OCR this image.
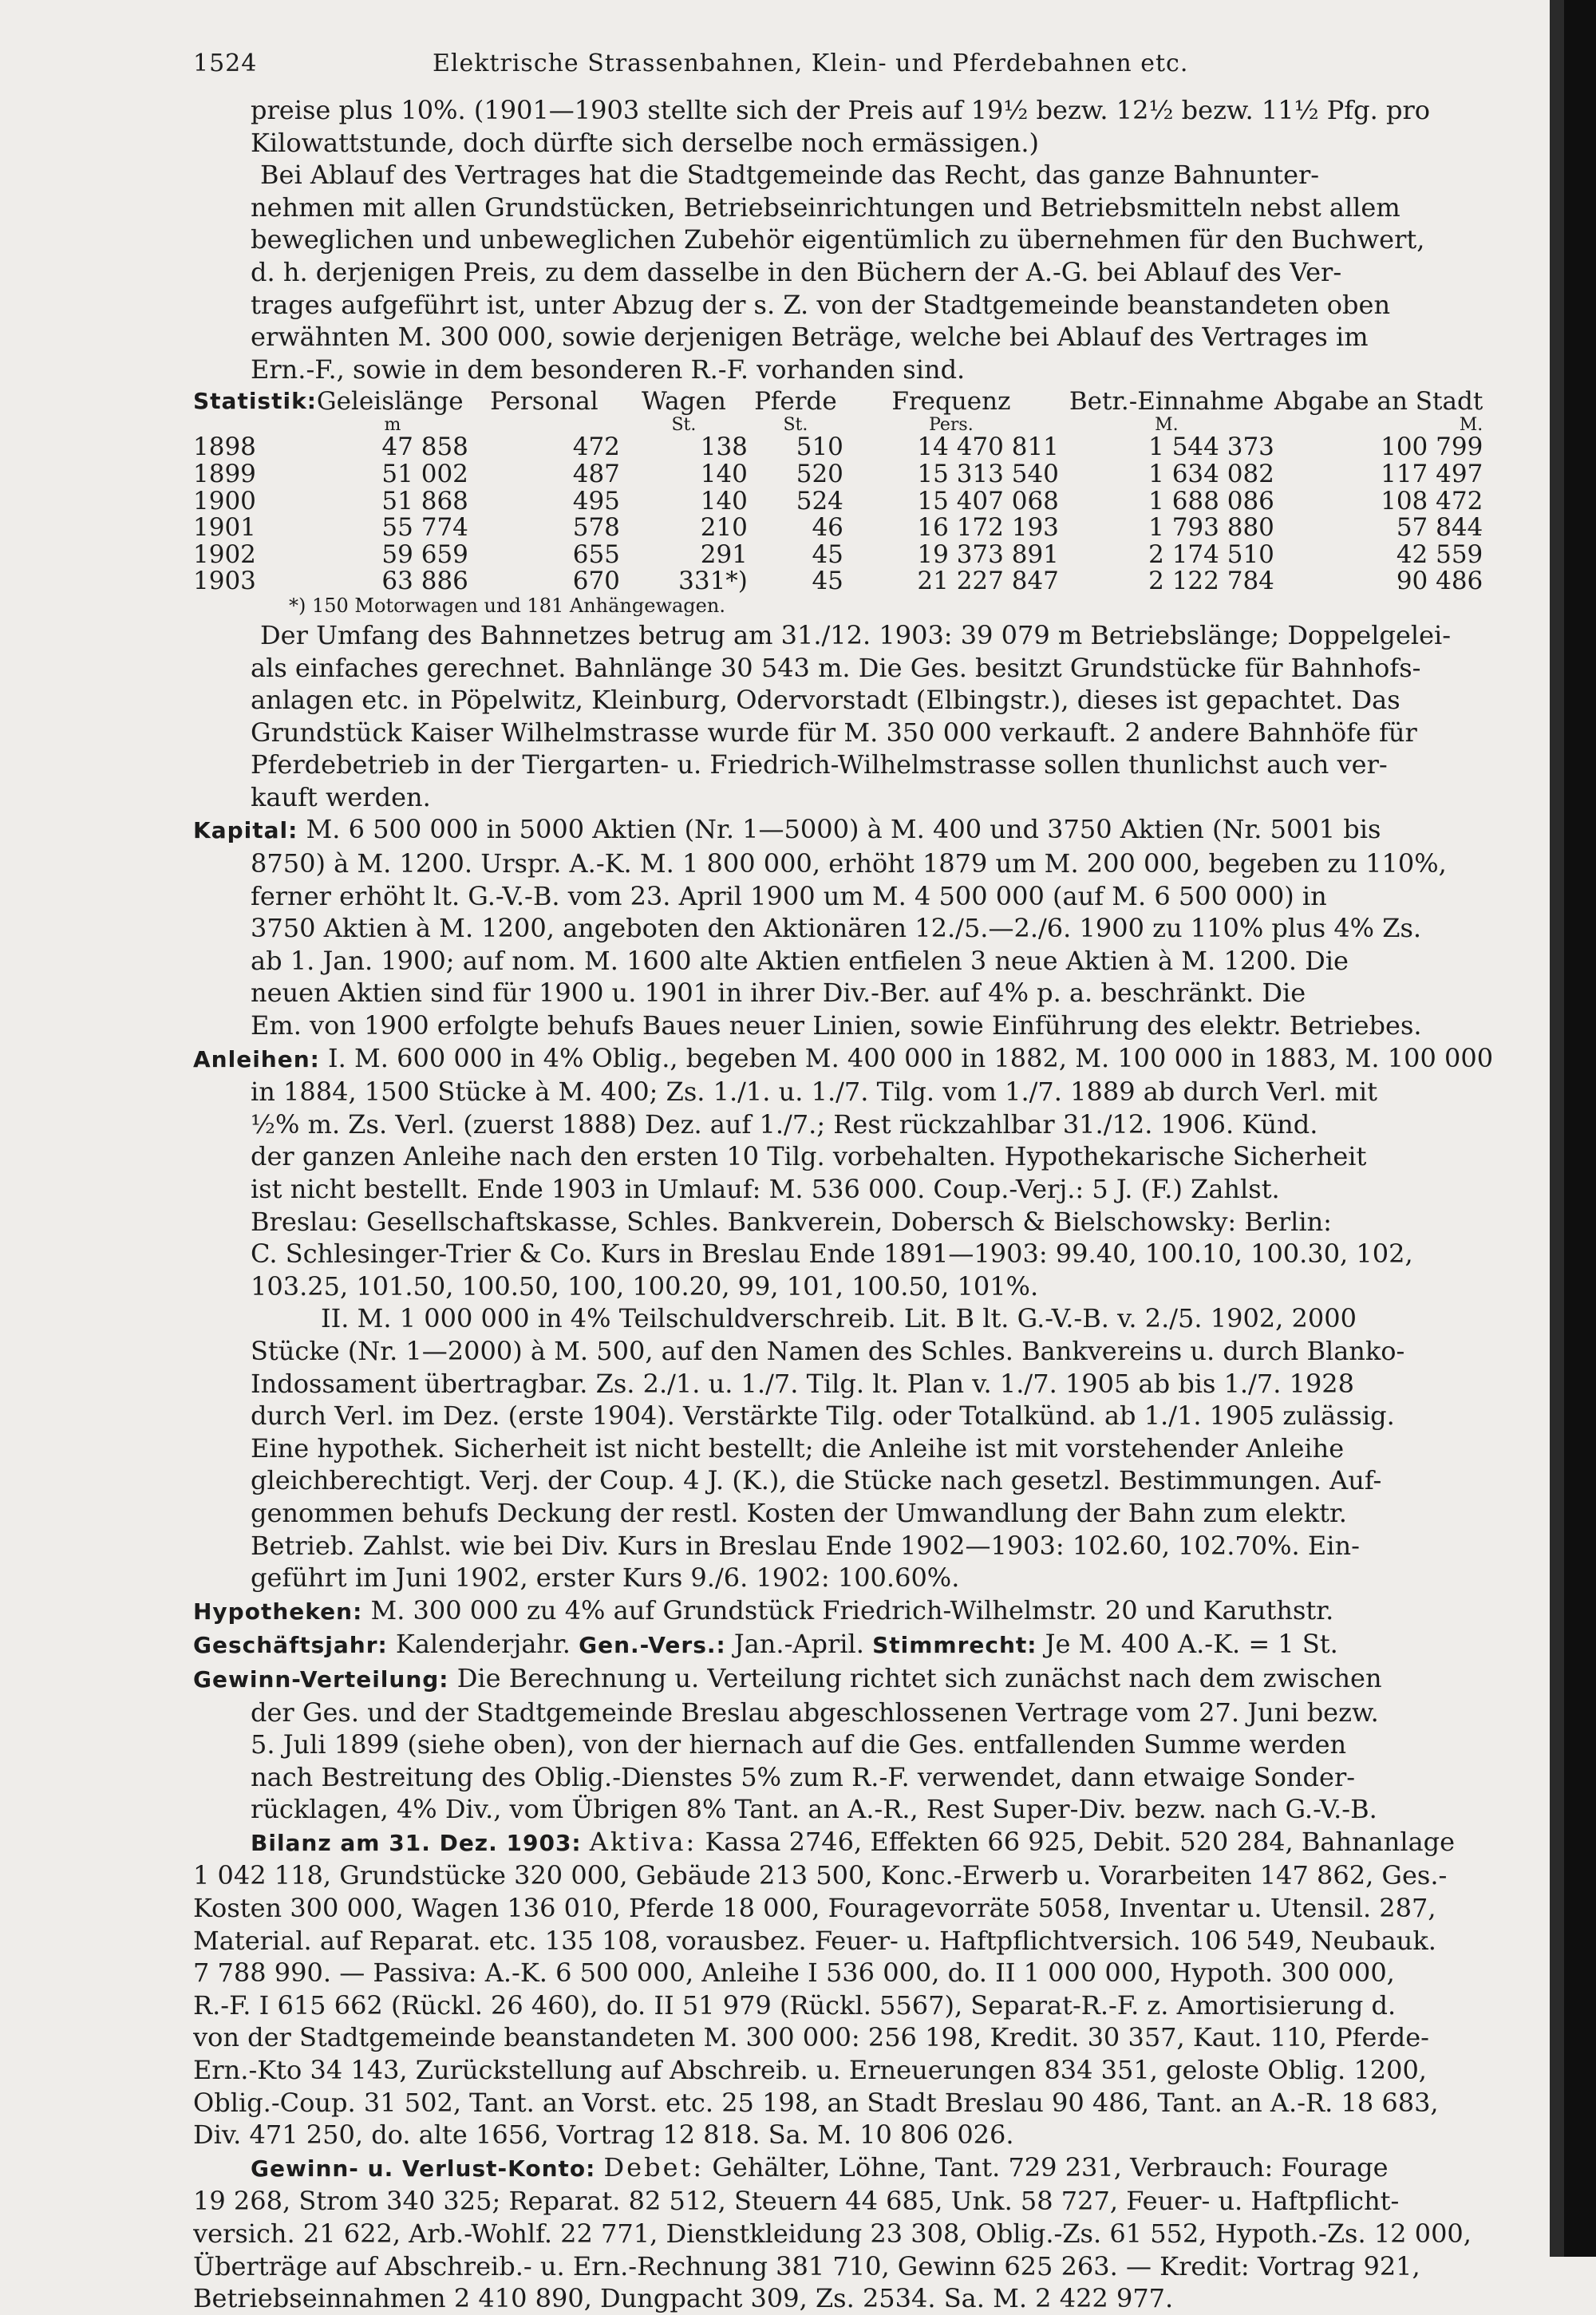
1524	Elektrische Strassenbahnen, Klein- und Pferdebahnen etc.
preise plus 10%. (1901—1903 stellte sich der Preis auf 19½ bezw. 12½ bezw. 11½ Pfg. pro
Kilowattstunde, doch dürfte sich derselbe noch ermässigen.)
Bei Ablauf des Vertrages hat die Stadtgemeinde das Recht, das ganze Bahnunter-
nehmen mit allen Grundstücken, Betriebseinrichtungen und Betriebsmitteln nebst allem
beweglichen und unbeweglichen Zubehör eigentümlich zu übernehmen für den Buchwert,
d. h. derjenigen Preis, zu dem dasselbe in den Büchern der A.-G. bei Ablauf des Ver-
trages aufgeführt ist, unter Abzug der s. Z. von der Stadtgemeinde beanstandeten oben
erwähnten M. 300 000, sowie derjenigen Beträge, welche bei Ablauf des Vertrages im
Ern.-F., sowie in dem besonderen R.-F. vorhanden sind.
Statistik:	Geleislänge	Personal	Wagen	Pferde	Frequenz	Betr.-Einnahme	Abgabe an Stadt
	m		St.	St.	Pers.	M.	M.
1898	47 858	472	138	510	14 470 811	1 544 373	100 799
1899	51 002	487	140	520	15 313 540	1 634 082	117 497
1900	51 868	495	140	524	15 407 068	1 688 086	108 472
1901	55 774	578	210	46	16 172 193	1 793 880	57 844
1902	59 659	655	291	45	19 373 891	2 174 510	42 559
1903	63 886	670	331*)	45	21 227 847	2 122 784	90 486
*) 150 Motorwagen und 181 Anhängewagen.
Der Umfang des Bahnnetzes betrug am 31./12. 1903: 39 079 m Betriebslänge; Doppelgelei-
als einfaches gerechnet. Bahnlänge 30 543 m. Die Ges. besitzt Grundstücke für Bahnhofs-
anlagen etc. in Pöpelwitz, Kleinburg, Odervorstadt (Elbingstr.), dieses ist gepachtet. Das
Grundstück Kaiser Wilhelmstrasse wurde für M. 350 000 verkauft. 2 andere Bahnhöfe für
Pferdebetrieb in der Tiergarten- u. Friedrich-Wilhelmstrasse sollen thunlichst auch ver-
kauft werden.
Kapital: M. 6 500 000 in 5000 Aktien (Nr. 1—5000) à M. 400 und 3750 Aktien (Nr. 5001 bis
8750) à M. 1200. Urspr. A.-K. M. 1 800 000, erhöht 1879 um M. 200 000, begeben zu 110%,
ferner erhöht lt. G.-V.-B. vom 23. April 1900 um M. 4 500 000 (auf M. 6 500 000) in
3750 Aktien à M. 1200, angeboten den Aktionären 12./5.—2./6. 1900 zu 110% plus 4% Zs.
ab 1. Jan. 1900; auf nom. M. 1600 alte Aktien entfielen 3 neue Aktien à M. 1200. Die
neuen Aktien sind für 1900 u. 1901 in ihrer Div.-Ber. auf 4% p. a. beschränkt. Die
Em. von 1900 erfolgte behufs Baues neuer Linien, sowie Einführung des elektr. Betriebes.
Anleihen: I. M. 600 000 in 4% Oblig., begeben M. 400 000 in 1882, M. 100 000 in 1883, M. 100 000
in 1884, 1500 Stücke à M. 400; Zs. 1./1. u. 1./7. Tilg. vom 1./7. 1889 ab durch Verl. mit
½% m. Zs. Verl. (zuerst 1888) Dez. auf 1./7.; Rest rückzahlbar 31./12. 1906. Künd.
der ganzen Anleihe nach den ersten 10 Tilg. vorbehalten. Hypothekarische Sicherheit
ist nicht bestellt. Ende 1903 in Umlauf: M. 536 000. Coup.-Verj.: 5 J. (F.) Zahlst.
Breslau: Gesellschaftskasse, Schles. Bankverein, Dobersch & Bielschowsky: Berlin:
C. Schlesinger-Trier & Co. Kurs in Breslau Ende 1891—1903: 99.40, 100.10, 100.30, 102,
103.25, 101.50, 100.50, 100, 100.20, 99, 101, 100.50, 101%.
II. M. 1 000 000 in 4% Teilschuldverschreib. Lit. B lt. G.-V.-B. v. 2./5. 1902, 2000
Stücke (Nr. 1—2000) à M. 500, auf den Namen des Schles. Bankvereins u. durch Blanko-
Indossament übertragbar. Zs. 2./1. u. 1./7. Tilg. lt. Plan v. 1./7. 1905 ab bis 1./7. 1928
durch Verl. im Dez. (erste 1904). Verstärkte Tilg. oder Totalkünd. ab 1./1. 1905 zulässig.
Eine hypothek. Sicherheit ist nicht bestellt; die Anleihe ist mit vorstehender Anleihe
gleichberechtigt. Verj. der Coup. 4 J. (K.), die Stücke nach gesetzl. Bestimmungen. Auf-
genommen behufs Deckung der restl. Kosten der Umwandlung der Bahn zum elektr.
Betrieb. Zahlst. wie bei Div. Kurs in Breslau Ende 1902—1903: 102.60, 102.70%. Ein-
geführt im Juni 1902, erster Kurs 9./6. 1902: 100.60%.
Hypotheken: M. 300 000 zu 4% auf Grundstück Friedrich-Wilhelmstr. 20 und Karuthstr.
Geschäftsjahr: Kalenderjahr. Gen.-Vers.: Jan.-April. Stimmrecht: Je M. 400 A.-K. = 1 St.
Gewinn-Verteilung: Die Berechnung u. Verteilung richtet sich zunächst nach dem zwischen
der Ges. und der Stadtgemeinde Breslau abgeschlossenen Vertrage vom 27. Juni bezw.
5. Juli 1899 (siehe oben), von der hiernach auf die Ges. entfallenden Summe werden
nach Bestreitung des Oblig.-Dienstes 5% zum R.-F. verwendet, dann etwaige Sonder-
rücklagen, 4% Div., vom Übrigen 8% Tant. an A.-R., Rest Super-Div. bezw. nach G.-V.-B.
Bilanz am 31. Dez. 1903: Aktiva: Kassa 2746, Effekten 66 925, Debit. 520 284, Bahnanlage
1 042 118, Grundstücke 320 000, Gebäude 213 500, Konc.-Erwerb u. Vorarbeiten 147 862, Ges.-
Kosten 300 000, Wagen 136 010, Pferde 18 000, Fouragevorräte 5058, Inventar u. Utensil. 287,
Material. auf Reparat. etc. 135 108, vorausbez. Feuer- u. Haftpflichtversich. 106 549, Neubauk.
7 788 990. — Passiva: A.-K. 6 500 000, Anleihe I 536 000, do. II 1 000 000, Hypoth. 300 000,
R.-F. I 615 662 (Rückl. 26 460), do. II 51 979 (Rückl. 5567), Separat-R.-F. z. Amortisierung d.
von der Stadtgemeinde beanstandeten M. 300 000: 256 198, Kredit. 30 357, Kaut. 110, Pferde-
Ern.-Kto 34 143, Zurückstellung auf Abschreib. u. Erneuerungen 834 351, geloste Oblig. 1200,
Oblig.-Coup. 31 502, Tant. an Vorst. etc. 25 198, an Stadt Breslau 90 486, Tant. an A.-R. 18 683,
Div. 471 250, do. alte 1656, Vortrag 12 818. Sa. M. 10 806 026.
Gewinn- u. Verlust-Konto: Debet: Gehälter, Löhne, Tant. 729 231, Verbrauch: Fourage
19 268, Strom 340 325; Reparat. 82 512, Steuern 44 685, Unk. 58 727, Feuer- u. Haftpflicht-
versich. 21 622, Arb.-Wohlf. 22 771, Dienstkleidung 23 308, Oblig.-Zs. 61 552, Hypoth.-Zs. 12 000,
Überträge auf Abschreib.- u. Ern.-Rechnung 381 710, Gewinn 625 263. — Kredit: Vortrag 921,
Betriebseinnahmen 2 410 890, Dungpacht 309, Zs. 2534. Sa. M. 2 422 977.
